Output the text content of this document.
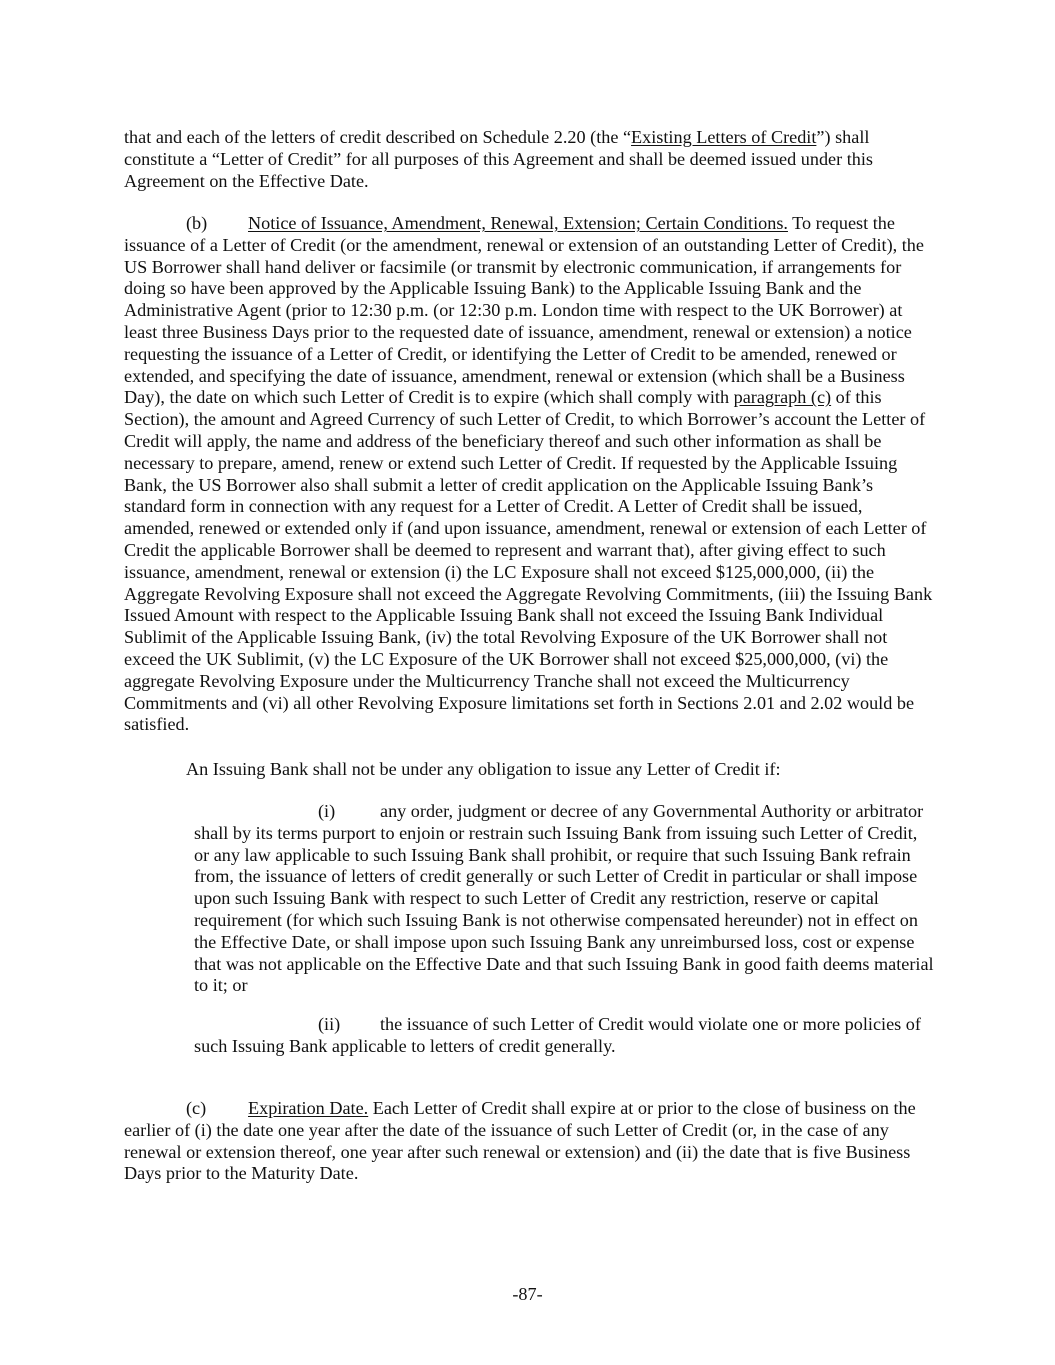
that and each of the letters of credit described on Schedule 2.20 (the “Existing Letters of Credit”) shall constitute a “Letter of Credit” for all purposes of this Agreement and shall be deemed issued under this Agreement on the Effective Date.

(b) Notice of Issuance, Amendment, Renewal, Extension; Certain Conditions. To request the issuance of a Letter of Credit (or the amendment, renewal or extension of an outstanding Letter of Credit), the US Borrower shall hand deliver or facsimile (or transmit by electronic communication, if arrangements for doing so have been approved by the Applicable Issuing Bank) to the Applicable Issuing Bank and the Administrative Agent (prior to 12:30 p.m. (or 12:30 p.m. London time with respect to the UK Borrower) at least three Business Days prior to the requested date of issuance, amendment, renewal or extension) a notice requesting the issuance of a Letter of Credit, or identifying the Letter of Credit to be amended, renewed or extended, and specifying the date of issuance, amendment, renewal or extension (which shall be a Business Day), the date on which such Letter of Credit is to expire (which shall comply with paragraph (c) of this Section), the amount and Agreed Currency of such Letter of Credit, to which Borrower’s account the Letter of Credit will apply, the name and address of the beneficiary thereof and such other information as shall be necessary to prepare, amend, renew or extend such Letter of Credit. If requested by the Applicable Issuing Bank, the US Borrower also shall submit a letter of credit application on the Applicable Issuing Bank’s standard form in connection with any request for a Letter of Credit. A Letter of Credit shall be issued, amended, renewed or extended only if (and upon issuance, amendment, renewal or extension of each Letter of Credit the applicable Borrower shall be deemed to represent and warrant that), after giving effect to such issuance, amendment, renewal or extension (i) the LC Exposure shall not exceed $125,000,000, (ii) the Aggregate Revolving Exposure shall not exceed the Aggregate Revolving Commitments, (iii) the Issuing Bank Issued Amount with respect to the Applicable Issuing Bank shall not exceed the Issuing Bank Individual Sublimit of the Applicable Issuing Bank, (iv) the total Revolving Exposure of the UK Borrower shall not exceed the UK Sublimit, (v) the LC Exposure of the UK Borrower shall not exceed $25,000,000, (vi) the aggregate Revolving Exposure under the Multicurrency Tranche shall not exceed the Multicurrency Commitments and (vi) all other Revolving Exposure limitations set forth in Sections 2.01 and 2.02 would be satisfied.

An Issuing Bank shall not be under any obligation to issue any Letter of Credit if:

(i) any order, judgment or decree of any Governmental Authority or arbitrator shall by its terms purport to enjoin or restrain such Issuing Bank from issuing such Letter of Credit, or any law applicable to such Issuing Bank shall prohibit, or require that such Issuing Bank refrain from, the issuance of letters of credit generally or such Letter of Credit in particular or shall impose upon such Issuing Bank with respect to such Letter of Credit any restriction, reserve or capital requirement (for which such Issuing Bank is not otherwise compensated hereunder) not in effect on the Effective Date, or shall impose upon such Issuing Bank any unreimbursed loss, cost or expense that was not applicable on the Effective Date and that such Issuing Bank in good faith deems material to it; or

(ii) the issuance of such Letter of Credit would violate one or more policies of such Issuing Bank applicable to letters of credit generally.

(c) Expiration Date. Each Letter of Credit shall expire at or prior to the close of business on the earlier of (i) the date one year after the date of the issuance of such Letter of Credit (or, in the case of any renewal or extension thereof, one year after such renewal or extension) and (ii) the date that is five Business Days prior to the Maturity Date.

-87-
